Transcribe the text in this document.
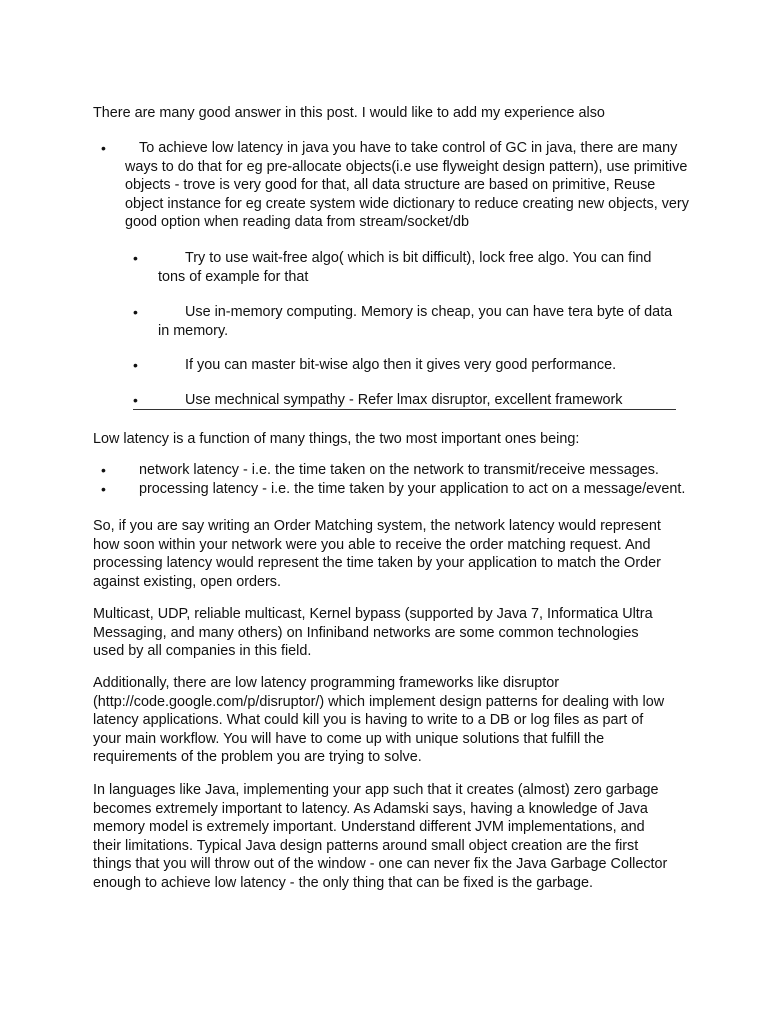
There are many good answer in this post. I would like to add my experience also

•	To achieve low latency in java you have to take control of GC in java, there are many ways to do that for eg pre-allocate objects(i.e use flyweight design pattern), use primitive objects - trove is very good for that, all data structure are based on primitive, Reuse object instance for eg create system wide dictionary to reduce creating new objects, very good option when reading data from stream/socket/db

•	Try to use wait-free algo( which is bit difficult), lock free algo. You can find tons of example for that

•	Use in-memory computing. Memory is cheap, you can have tera byte of data in memory.

•	If you can master bit-wise algo then it gives very good performance.

•	Use mechnical sympathy - Refer lmax disruptor, excellent framework

Low latency is a function of many things, the two most important ones being:

•	network latency - i.e. the time taken on the network to transmit/receive messages.

•	processing latency - i.e. the time taken by your application to act on a message/event.

So, if you are say writing an Order Matching system, the network latency would represent how soon within your network were you able to receive the order matching request. And processing latency would represent the time taken by your application to match the Order against existing, open orders.

Multicast, UDP, reliable multicast, Kernel bypass (supported by Java 7, Informatica Ultra Messaging, and many others) on Infiniband networks are some common technologies used by all companies in this field.

Additionally, there are low latency programming frameworks like disruptor (http://code.google.com/p/disruptor/) which implement design patterns for dealing with low latency applications. What could kill you is having to write to a DB or log files as part of your main workflow. You will have to come up with unique solutions that fulfill the requirements of the problem you are trying to solve.

In languages like Java, implementing your app such that it creates (almost) zero garbage becomes extremely important to latency. As Adamski says, having a knowledge of Java memory model is extremely important. Understand different JVM implementations, and their limitations. Typical Java design patterns around small object creation are the first things that you will throw out of the window - one can never fix the Java Garbage Collector enough to achieve low latency - the only thing that can be fixed is the garbage.
